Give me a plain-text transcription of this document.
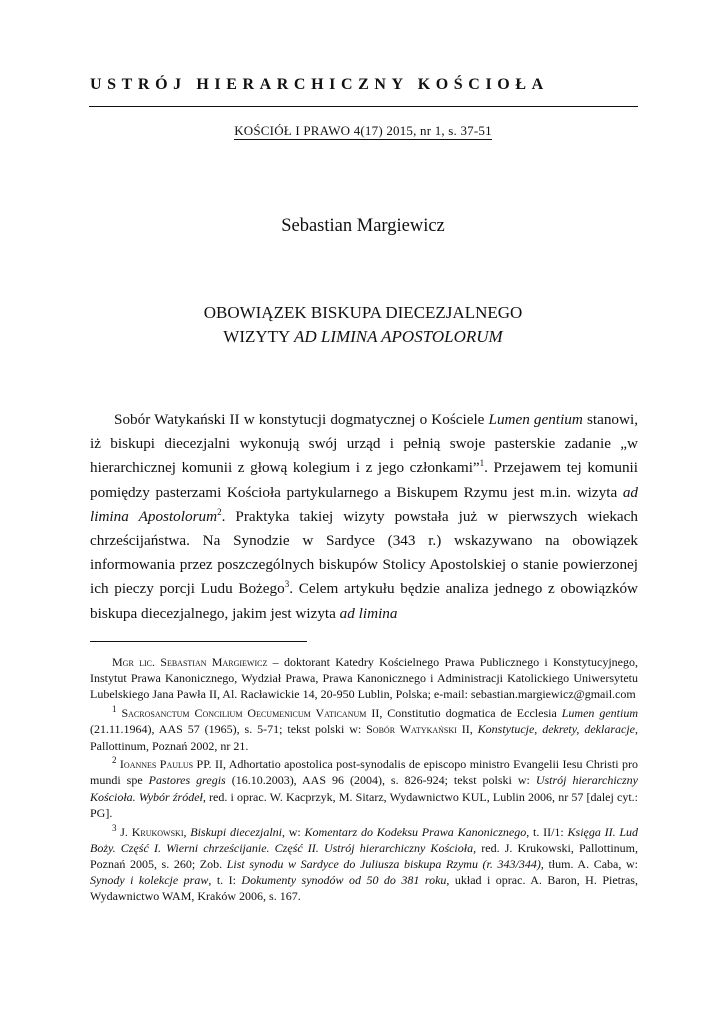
USTRÓJ HIERARCHICZNY KOŚCIOŁA
KOŚCIÓŁ I PRAWO 4(17) 2015, nr 1, s. 37-51
Sebastian Margiewicz
OBOWIĄZEK BISKUPA DIECEZJALNEGO
WIZYTY AD LIMINA APOSTOLORUM

Sobór Watykański II w konstytucji dogmatycznej o Kościele Lumen gentium stanowi, iż biskupi diecezjalni wykonują swój urząd i pełnią swoje pasterskie zadanie „w hierarchicznej komunii z głową kolegium i z jego członkami”$^1$. Przejawem tej komunii pomiędzy pasterzami Kościoła partykularnego a Biskupem Rzymu jest m.in. wizyta ad limina Apostolorum$^2$. Praktyka takiej wizyty powstała już w pierwszych wiekach chrześcijaństwa. Na Synodzie w Sardyce (343 r.) wskazywano na obowiązek informowania przez poszczególnych biskupów Stolicy Apostolskiej o stanie powierzonej ich pieczy porcji Ludu Bożego$^3$. Celem artykułu będzie analiza jednego z obowiązków biskupa diecezjalnego, jakim jest wizyta ad limina

Mgr lic. Sebastian Margiewicz – doktorant Katedry Kościelnego Prawa Publicznego i Konstytucyjnego, Instytut Prawa Kanonicznego, Wydział Prawa, Prawa Kanonicznego i Administracji Katolickiego Uniwersytetu Lubelskiego Jana Pawła II, Al. Racławickie 14, 20-950 Lublin, Polska; e-mail: sebastian.margiewicz@gmail.com

$^1$ Sacrosanctum Concilium Oecumenicum Vaticanum II, Constitutio dogmatica de Ecclesia Lumen gentium (21.11.1964), AAS 57 (1965), s. 5-71; tekst polski w: Sobór Watykański II, Konstytucje, dekrety, deklaracje, Pallottinum, Poznań 2002, nr 21.

$^2$ Ioannes Paulus PP. II, Adhortatio apostolica post-synodalis de episcopo ministro Evangelii Iesu Christi pro mundi spe Pastores gregis (16.10.2003), AAS 96 (2004), s. 826-924; tekst polski w: Ustrój hierarchiczny Kościoła. Wybór źródeł, red. i oprac. W. Kacprzyk, M. Sitarz, Wydawnictwo KUL, Lublin 2006, nr 57 [dalej cyt.: PG].

$^3$ J. Krukowski, Biskupi diecezjalni, w: Komentarz do Kodeksu Prawa Kanonicznego, t. II/1: Księga II. Lud Boży. Część I. Wierni chrześcijanie. Część II. Ustrój hierarchiczny Kościoła, red. J. Krukowski, Pallottinum, Poznań 2005, s. 260; Zob. List synodu w Sardyce do Juliusza biskupa Rzymu (r. 343/344), tłum. A. Caba, w: Synody i kolekcje praw, t. I: Dokumenty synodów od 50 do 381 roku, układ i oprac. A. Baron, H. Pietras, Wydawnictwo WAM, Kraków 2006, s. 167.
